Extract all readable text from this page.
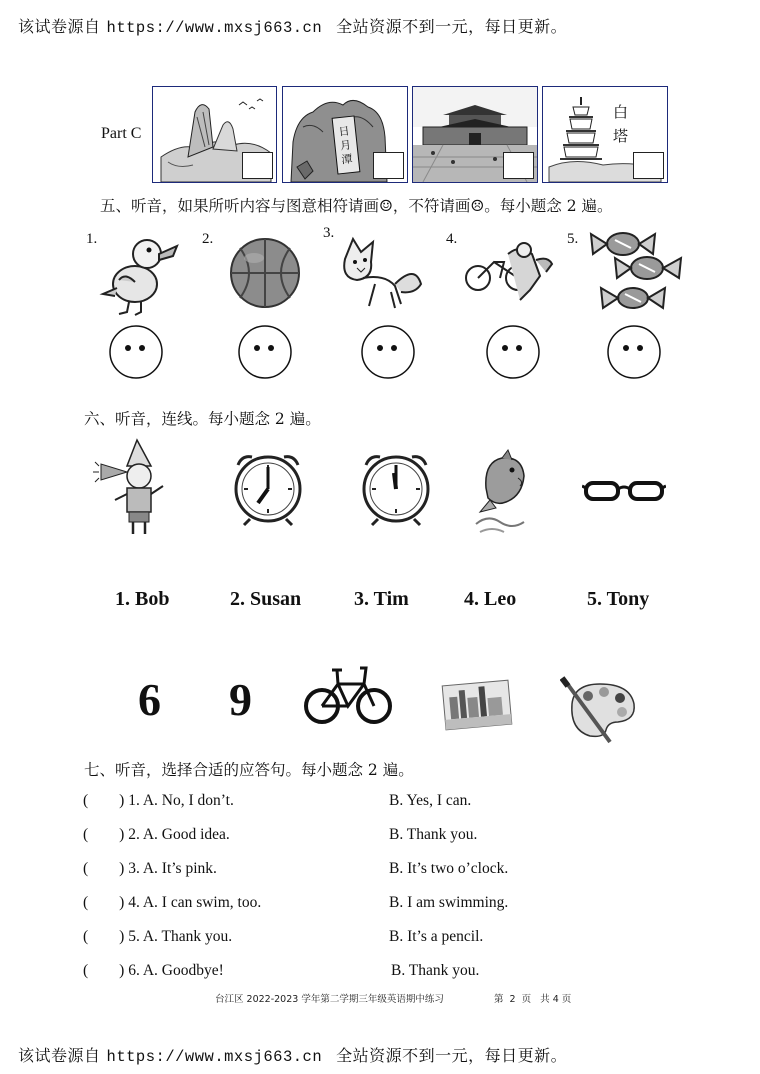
该试卷源自 https://www.mxsj663.cn 全站资源不到一元，每日更新。
Part C	日
月
潭
白
塔
五、听音，如果所听内容与图意相符请画☺，不符请画☹。每小题念 2 遍。
1.	2.	3.	4.	5.
六、听音，连线。每小题念 2 遍。
1. Bob	2. Susan	3. Tim	4. Leo	5. Tony
6 9
七、听音，选择合适的应答句。每小题念 2 遍。
(        ) 1. A. No, I don’t.	B. Yes, I can.
(        ) 2. A. Good idea.	B. Thank you.
(        ) 3. A. It’s pink.	B. It’s two o’clock.
(        ) 4. A. I can swim, too.	B. I am swimming.
(        ) 5. A. Thank you.	B. It’s a pencil.
(        ) 6. A. Goodbye!	B. Thank you.
台江区 2022-2023 学年第二学期三年级英语期中练习	第  2  页   共 4 页
该试卷源自 https://www.mxsj663.cn 全站资源不到一元，每日更新。
